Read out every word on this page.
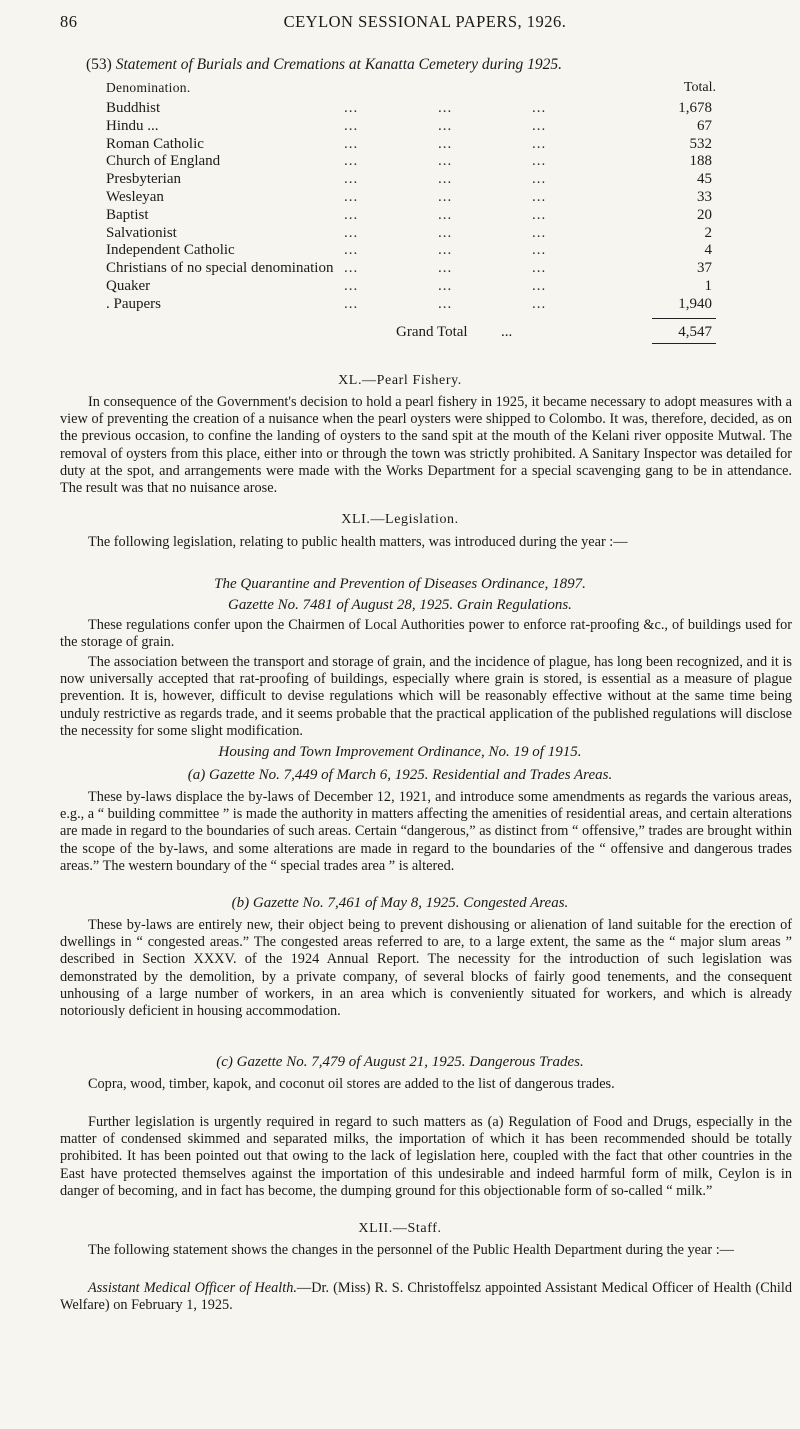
86	CEYLON SESSIONAL PAPERS, 1926.
(53) Statement of Burials and Cremations at Kanatta Cemetery during 1925.
Denomination.	Total.
Buddhist	...	...	...	1,678
Hindu ...	...	...	...	67
Roman Catholic	...	...	...	532
Church of England	...	...	...	188
Presbyterian	...	...	...	45
Wesleyan	...	...	...	33
Baptist	...	...	...	20
Salvationist	...	...	...	2
Independent Catholic	...	...	...	4
Christians of no special denomination ...	...	...	37
Quaker	...	...	...	1
. Paupers	...	...	...	1,940
Grand Total ...	4,547
XL.—Pearl Fishery.
In consequence of the Government's decision to hold a pearl fishery in 1925, it became necessary to adopt measures with a view of preventing the creation of a nuisance when the pearl oysters were shipped to Colombo. It was, therefore, decided, as on the previous occasion, to confine the landing of oysters to the sand spit at the mouth of the Kelani river opposite Mutwal. The removal of oysters from this place, either into or through the town was strictly prohibited. A Sanitary Inspector was detailed for duty at the spot, and arrangements were made with the Works Department for a special scavenging gang to be in attendance. The result was that no nuisance arose.
XLI.—Legislation.
The following legislation, relating to public health matters, was introduced during the year :—
The Quarantine and Prevention of Diseases Ordinance, 1897.
Gazette No. 7481 of August 28, 1925. Grain Regulations.
These regulations confer upon the Chairmen of Local Authorities power to enforce rat-proofing &c., of buildings used for the storage of grain.
The association between the transport and storage of grain, and the incidence of plague, has long been recognized, and it is now universally accepted that rat-proofing of buildings, especially where grain is stored, is essential as a measure of plague prevention. It is, however, difficult to devise regulations which will be reasonably effective without at the same time being unduly restrictive as regards trade, and it seems probable that the practical application of the published regulations will disclose the necessity for some slight modification.
Housing and Town Improvement Ordinance, No. 19 of 1915.
(a) Gazette No. 7,449 of March 6, 1925. Residential and Trades Areas.
These by-laws displace the by-laws of December 12, 1921, and introduce some amendments as regards the various areas, e.g., a “ building committee ” is made the authority in matters affecting the amenities of residential areas, and certain alterations are made in regard to the boundaries of such areas. Certain “dangerous,” as distinct from “ offensive,” trades are brought within the scope of the by-laws, and some alterations are made in regard to the boundaries of the “ offensive and dangerous trades areas.” The western boundary of the “ special trades area ” is altered.
(b) Gazette No. 7,461 of May 8, 1925. Congested Areas.
These by-laws are entirely new, their object being to prevent dishousing or alienation of land suitable for the erection of dwellings in “ congested areas.” The congested areas referred to are, to a large extent, the same as the “ major slum areas ” described in Section XXXV. of the 1924 Annual Report. The necessity for the introduction of such legislation was demonstrated by the demolition, by a private company, of several blocks of fairly good tenements, and the consequent unhousing of a large number of workers, in an area which is conveniently situated for workers, and which is already notoriously deficient in housing accommodation.
(c) Gazette No. 7,479 of August 21, 1925. Dangerous Trades.
Copra, wood, timber, kapok, and coconut oil stores are added to the list of dangerous trades.
Further legislation is urgently required in regard to such matters as (a) Regulation of Food and Drugs, especially in the matter of condensed skimmed and separated milks, the importation of which it has been recommended should be totally prohibited. It has been pointed out that owing to the lack of legislation here, coupled with the fact that other countries in the East have protected themselves against the importation of this undesirable and indeed harmful form of milk, Ceylon is in danger of becoming, and in fact has become, the dumping ground for this objectionable form of so-called “ milk.”
XLII.—Staff.
The following statement shows the changes in the personnel of the Public Health Department during the year :—
Assistant Medical Officer of Health.—Dr. (Miss) R. S. Christoffelsz appointed Assistant Medical Officer of Health (Child Welfare) on February 1, 1925.
